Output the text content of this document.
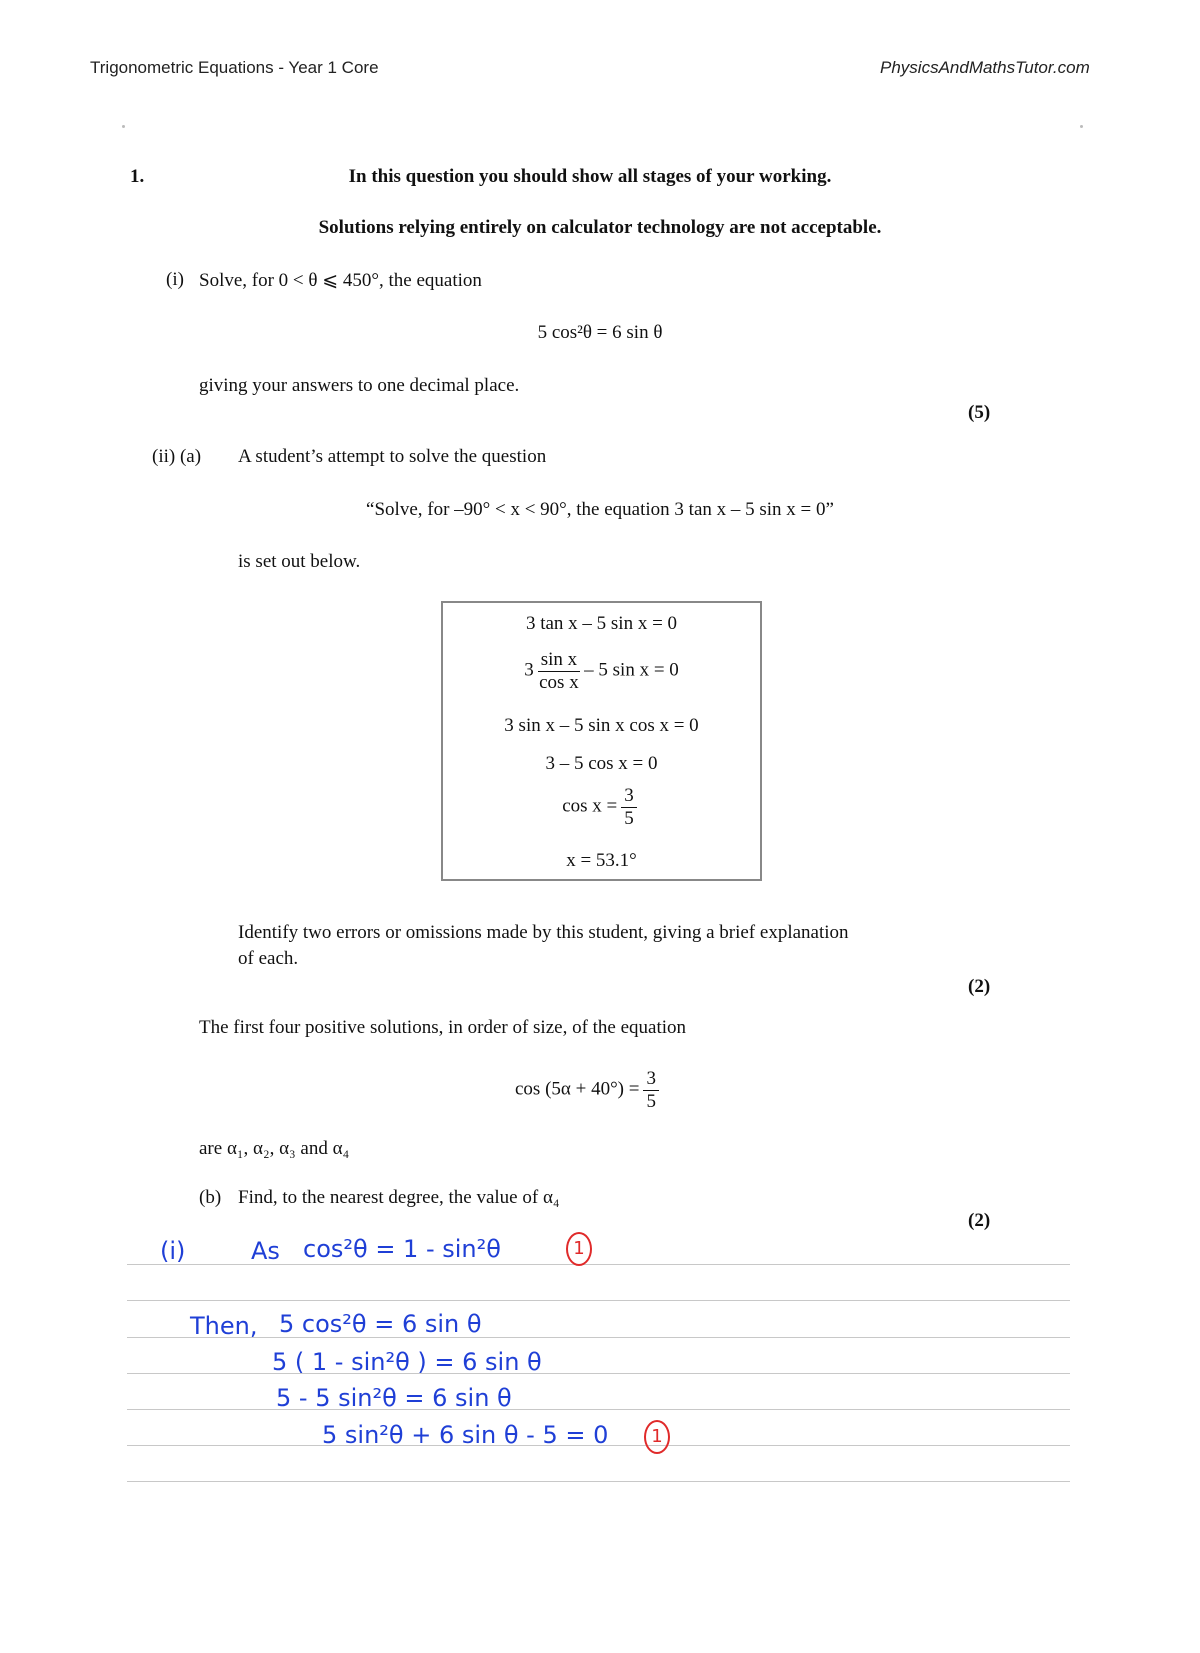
Trigonometric Equations - Year 1 Core	PhysicsAndMathsTutor.com
1.	In this question you should show all stages of your working.
Solutions relying entirely on calculator technology are not acceptable.
(i) Solve, for 0 < θ ⩽ 450°, the equation
5 cos²θ = 6 sin θ
giving your answers to one decimal place.
(5)
(ii) (a) A student’s attempt to solve the question
“Solve, for –90° < x < 90°, the equation 3 tan x – 5 sin x = 0”
is set out below.
3 tan x – 5 sin x = 0
$3 \frac{\text{sin x}}{\text{cos x}} - 5$ sin x = 0
3 sin x – 5 sin x cos x = 0
3 – 5 cos x = 0
$\cos x = \frac{3}{5}$
x = 53.1°
Identify two errors or omissions made by this student, giving a brief explanation
of each.
(2)
The first four positive solutions, in order of size, of the equation
$\cos (5\alpha + 40^\circ) = \frac{3}{5}$
are α₁, α₂, α₃ and α₄
(b) Find, to the nearest degree, the value of α₄
(2)
(i)	As cos²θ = 1 - sin²θ	1
Then, 5 cos²θ = 6 sin θ
5 ( 1 - sin²θ ) = 6 sin θ
5 - 5 sin²θ = 6 sin θ
5 sin²θ + 6 sin θ - 5 = 0	1
